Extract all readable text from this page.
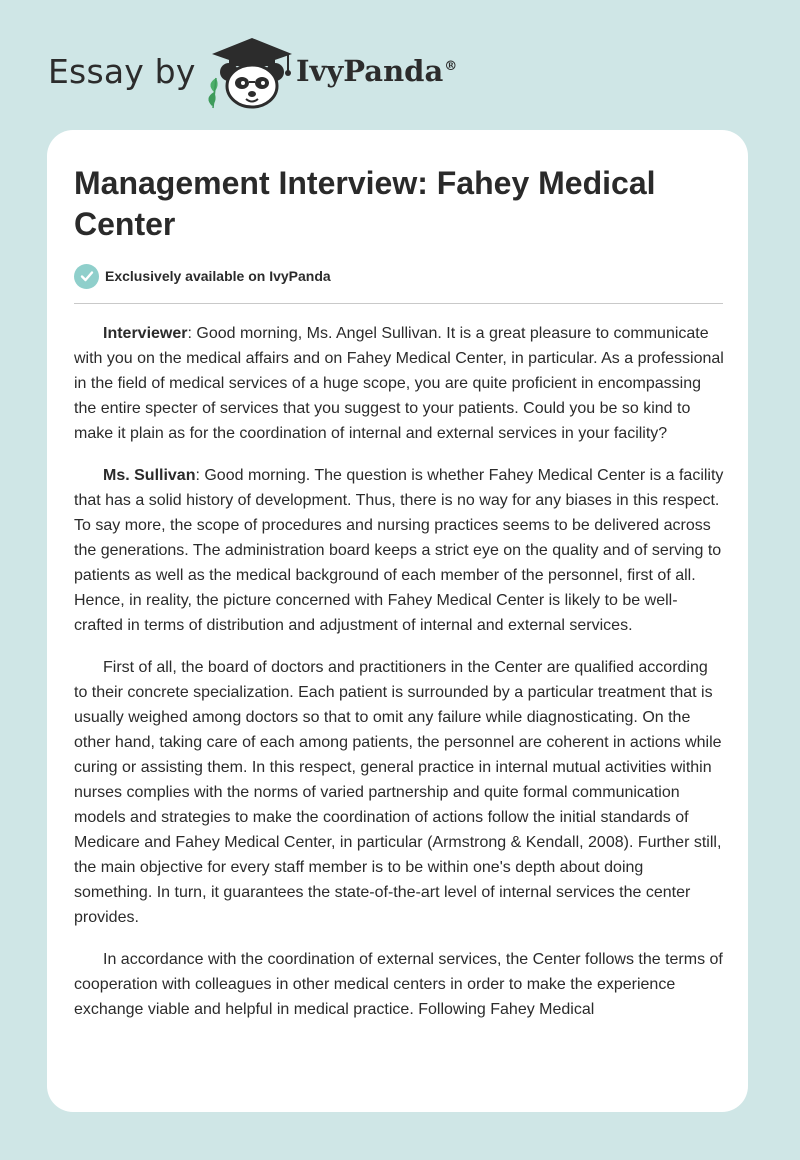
Essay by	IvyPanda®
Management Interview: Fahey Medical Center
Exclusively available on IvyPanda

Interviewer: Good morning, Ms. Angel Sullivan. It is a great pleasure to communicate with you on the medical affairs and on Fahey Medical Center, in particular. As a professional in the field of medical services of a huge scope, you are quite proficient in encompassing the entire specter of services that you suggest to your patients. Could you be so kind to make it plain as for the coordination of internal and external services in your facility?

Ms. Sullivan: Good morning. The question is whether Fahey Medical Center is a facility that has a solid history of development. Thus, there is no way for any biases in this respect. To say more, the scope of procedures and nursing practices seems to be delivered across the generations. The administration board keeps a strict eye on the quality and of serving to patients as well as the medical background of each member of the personnel, first of all. Hence, in reality, the picture concerned with Fahey Medical Center is likely to be well-crafted in terms of distribution and adjustment of internal and external services.

First of all, the board of doctors and practitioners in the Center are qualified according to their concrete specialization. Each patient is surrounded by a particular treatment that is usually weighed among doctors so that to omit any failure while diagnosticating. On the other hand, taking care of each among patients, the personnel are coherent in actions while curing or assisting them. In this respect, general practice in internal mutual activities within nurses complies with the norms of varied partnership and quite formal communication models and strategies to make the coordination of actions follow the initial standards of Medicare and Fahey Medical Center, in particular (Armstrong & Kendall, 2008). Further still, the main objective for every staff member is to be within one's depth about doing something. In turn, it guarantees the state-of-the-art level of internal services the center provides.

In accordance with the coordination of external services, the Center follows the terms of cooperation with colleagues in other medical centers in order to make the experience exchange viable and helpful in medical practice. Following Fahey Medical
